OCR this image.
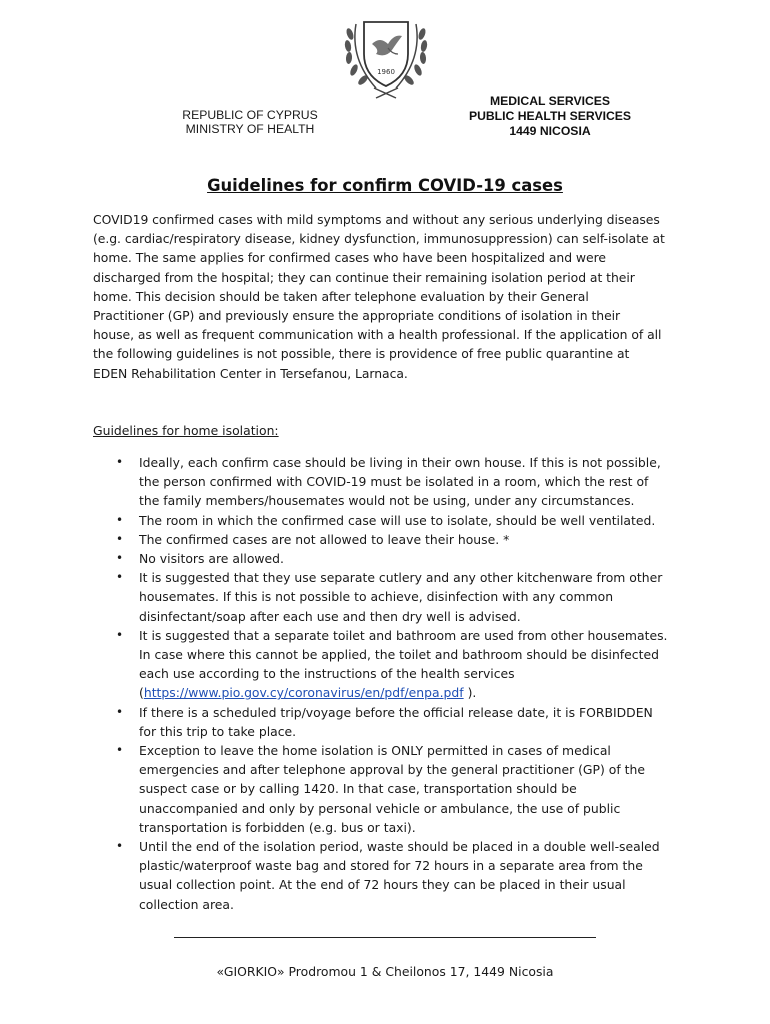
1960
REPUBLIC OF CYPRUS
MINISTRY OF HEALTH
MEDICAL SERVICES
PUBLIC HEALTH SERVICES
1449 NICOSIA
Guidelines for confirm COVID-19 cases
COVID19 confirmed cases with mild symptoms and without any serious underlying diseases
(e.g. cardiac/respiratory disease, kidney dysfunction, immunosuppression) can self-isolate at
home. The same applies for confirmed cases who have been hospitalized and were
discharged from the hospital; they can continue their remaining isolation period at their
home. This decision should be taken after telephone evaluation by their General
Practitioner (GP) and previously ensure the appropriate conditions of isolation in their
house, as well as frequent communication with a health professional. If the application of all
the following guidelines is not possible, there is providence of free public quarantine at
EDEN Rehabilitation Center in Tersefanou, Larnaca.
Guidelines for home isolation:
• Ideally, each confirm case should be living in their own house. If this is not possible,
the person confirmed with COVID-19 must be isolated in a room, which the rest of
the family members/housemates would not be using, under any circumstances.
• The room in which the confirmed case will use to isolate, should be well ventilated.
• The confirmed cases are not allowed to leave their house. *
• No visitors are allowed.
• It is suggested that they use separate cutlery and any other kitchenware from other
housemates. If this is not possible to achieve, disinfection with any common
disinfectant/soap after each use and then dry well is advised.
• It is suggested that a separate toilet and bathroom are used from other housemates.
In case where this cannot be applied, the toilet and bathroom should be disinfected
each use according to the instructions of the health services
(https://www.pio.gov.cy/coronavirus/en/pdf/enpa.pdf ).
• If there is a scheduled trip/voyage before the official release date, it is FORBIDDEN
for this trip to take place.
• Exception to leave the home isolation is ONLY permitted in cases of medical
emergencies and after telephone approval by the general practitioner (GP) of the
suspect case or by calling 1420. In that case, transportation should be
unaccompanied and only by personal vehicle or ambulance, the use of public
transportation is forbidden (e.g. bus or taxi).
• Until the end of the isolation period, waste should be placed in a double well-sealed
plastic/waterproof waste bag and stored for 72 hours in a separate area from the
usual collection point. At the end of 72 hours they can be placed in their usual
collection area.
«GIORKIO» Prodromou 1 & Cheilonos 17, 1449 Nicosia
